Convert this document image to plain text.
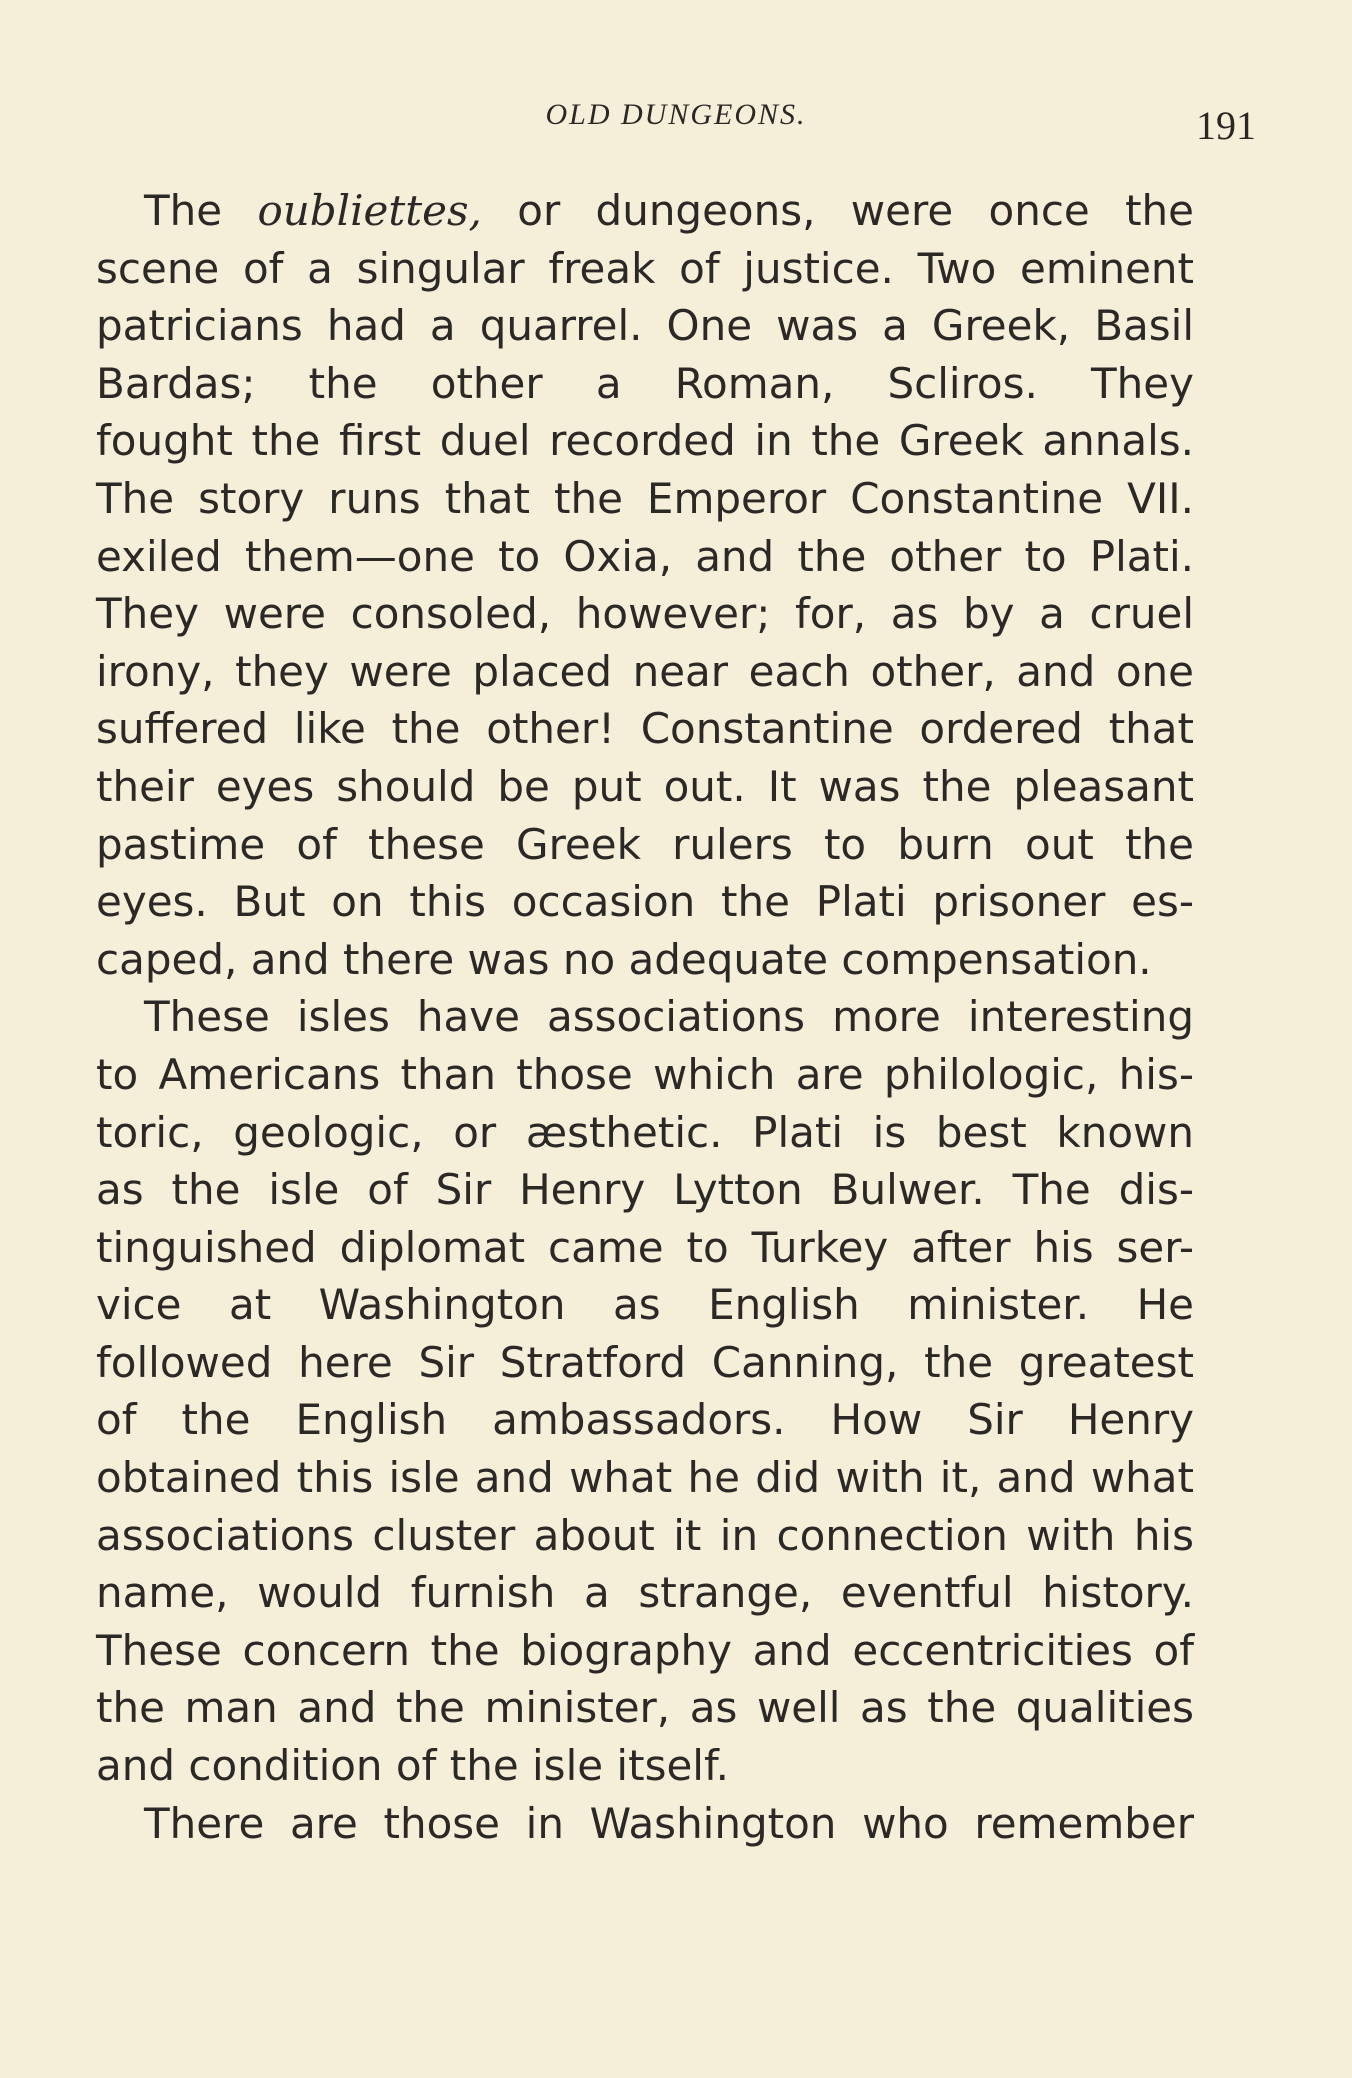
OLD DUNGEONS.	191
The oubliettes, or dungeons, were once the
scene of a singular freak of justice. Two eminent
patricians had a quarrel. One was a Greek, Basil
Bardas; the other a Roman, Scliros. They
fought the first duel recorded in the Greek annals.
The story runs that the Emperor Constantine VII.
exiled them—one to Oxia, and the other to Plati.
They were consoled, however; for, as by a cruel
irony, they were placed near each other, and one
suffered like the other! Constantine ordered that
their eyes should be put out. It was the pleasant
pastime of these Greek rulers to burn out the
eyes. But on this occasion the Plati prisoner es-
caped, and there was no adequate compensation.
These isles have associations more interesting
to Americans than those which are philologic, his-
toric, geologic, or æsthetic. Plati is best known
as the isle of Sir Henry Lytton Bulwer. The dis-
tinguished diplomat came to Turkey after his ser-
vice at Washington as English minister. He
followed here Sir Stratford Canning, the greatest
of the English ambassadors. How Sir Henry
obtained this isle and what he did with it, and what
associations cluster about it in connection with his
name, would furnish a strange, eventful history.
These concern the biography and eccentricities of
the man and the minister, as well as the qualities
and condition of the isle itself.
There are those in Washington who remember
